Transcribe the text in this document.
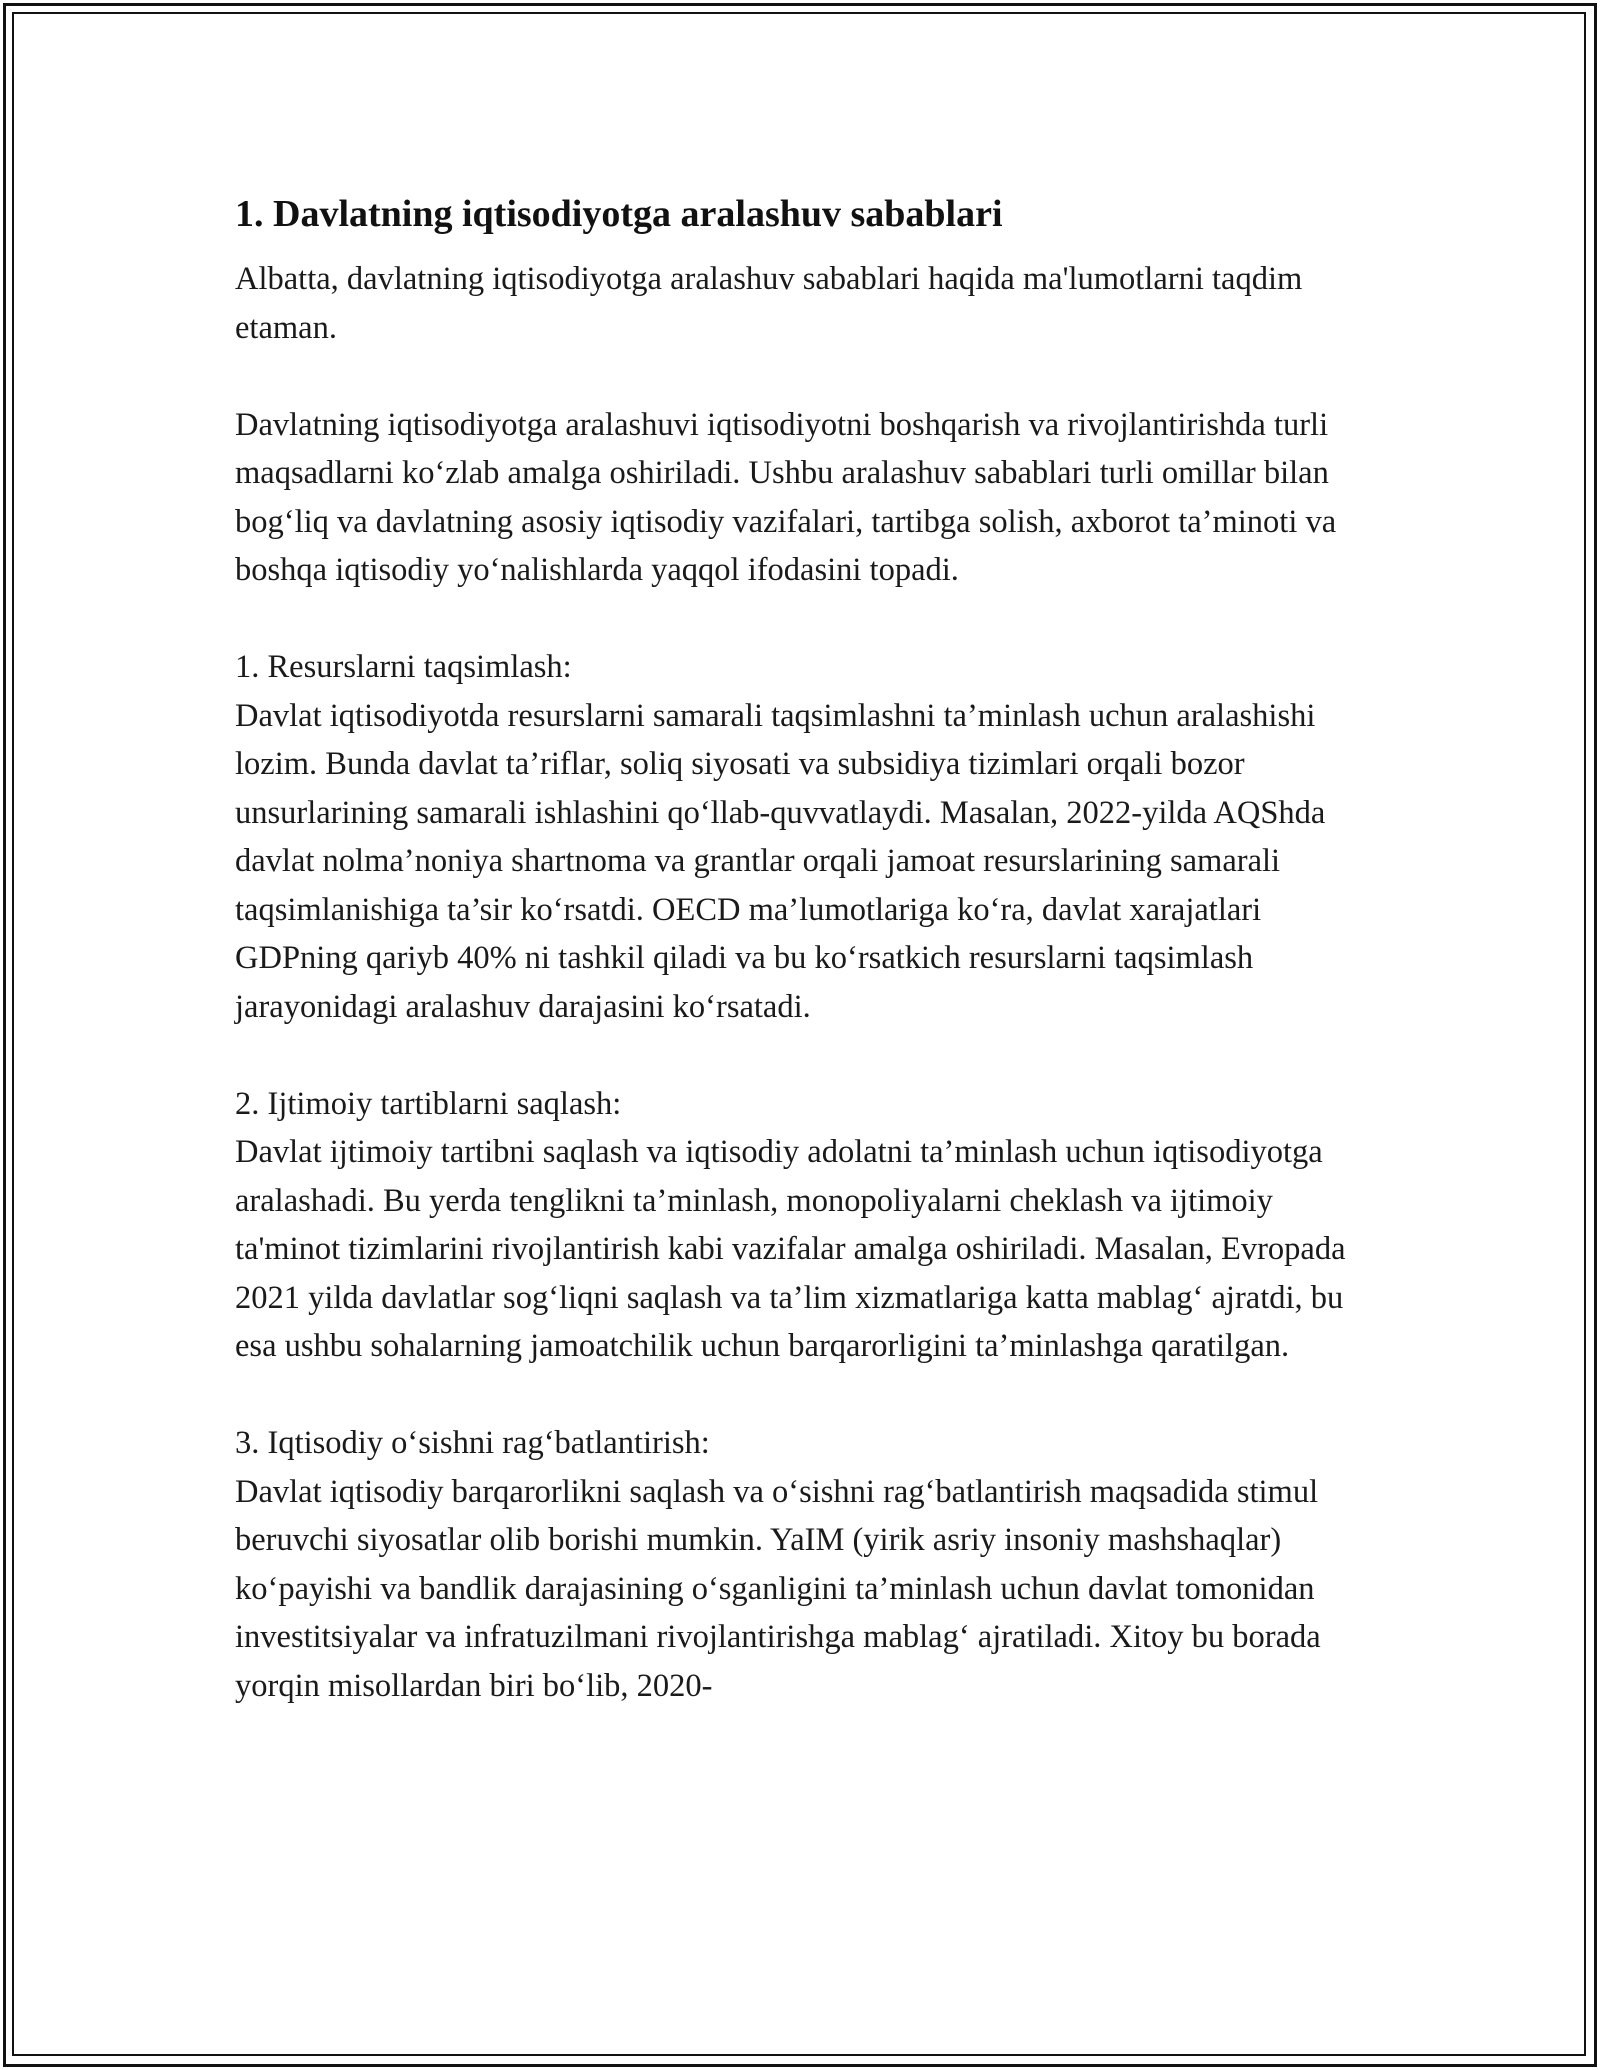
1. Davlatning iqtisodiyotga aralashuv sabablari

Albatta, davlatning iqtisodiyotga aralashuv sabablari haqida ma'lumotlarni taqdim etaman.

Davlatning iqtisodiyotga aralashuvi iqtisodiyotni boshqarish va rivojlantirishda turli maqsadlarni ko‘zlab amalga oshiriladi. Ushbu aralashuv sabablari turli omillar bilan bog‘liq va davlatning asosiy iqtisodiy vazifalari, tartibga solish, axborot ta’minoti va boshqa iqtisodiy yo‘nalishlarda yaqqol ifodasini topadi.

1. Resurslarni taqsimlash:
Davlat iqtisodiyotda resurslarni samarali taqsimlashni ta’minlash uchun aralashishi lozim. Bunda davlat ta’riflar, soliq siyosati va subsidiya tizimlari orqali bozor unsurlarining samarali ishlashini qo‘llab-quvvatlaydi. Masalan, 2022-yilda AQShda davlat nolma’noniya shartnoma va grantlar orqali jamoat resurslarining samarali taqsimlanishiga ta’sir ko‘rsatdi. OECD ma’lumotlariga ko‘ra, davlat xarajatlari GDPning qariyb 40% ni tashkil qiladi va bu ko‘rsatkich resurslarni taqsimlash jarayonidagi aralashuv darajasini ko‘rsatadi.

2. Ijtimoiy tartiblarni saqlash:
Davlat ijtimoiy tartibni saqlash va iqtisodiy adolatni ta’minlash uchun iqtisodiyotga aralashadi. Bu yerda tenglikni ta’minlash, monopoliyalarni cheklash va ijtimoiy ta'minot tizimlarini rivojlantirish kabi vazifalar amalga oshiriladi. Masalan, Evropada 2021 yilda davlatlar sog‘liqni saqlash va ta’lim xizmatlariga katta mablag‘ ajratdi, bu esa ushbu sohalarning jamoatchilik uchun barqarorligini ta’minlashga qaratilgan.

3. Iqtisodiy o‘sishni rag‘batlantirish:
Davlat iqtisodiy barqarorlikni saqlash va o‘sishni rag‘batlantirish maqsadida stimul beruvchi siyosatlar olib borishi mumkin. YaIM (yirik asriy insoniy mashshaqlar) ko‘payishi va bandlik darajasining o‘sganligini ta’minlash uchun davlat tomonidan investitsiyalar va infratuzilmani rivojlantirishga mablag‘ ajratiladi. Xitoy bu borada yorqin misollardan biri bo‘lib, 2020-
